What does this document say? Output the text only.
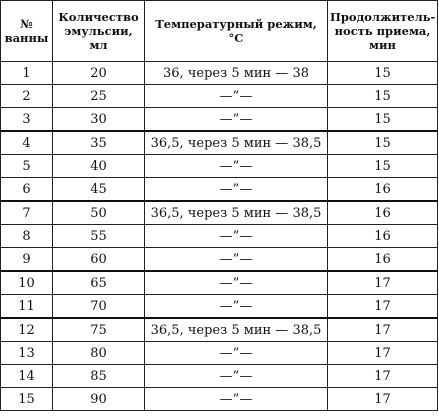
№ ванны	Количество эмульсии, мл	Температурный режим, °С	Продолжитель-ность приема, мин
1	20	36, через 5 мин — 38	15
2	25	—”—	15
3	30	—”—	15
4	35	36,5, через 5 мин — 38,5	15
5	40	—”—	15
6	45	—”—	16
7	50	36,5, через 5 мин — 38,5	16
8	55	—”—	16
9	60	—”—	16
10	65	—”—	17
11	70	—”—	17
12	75	36,5, через 5 мин — 38,5	17
13	80	—”—	17
14	85	—”—	17
15	90	—”—	17
